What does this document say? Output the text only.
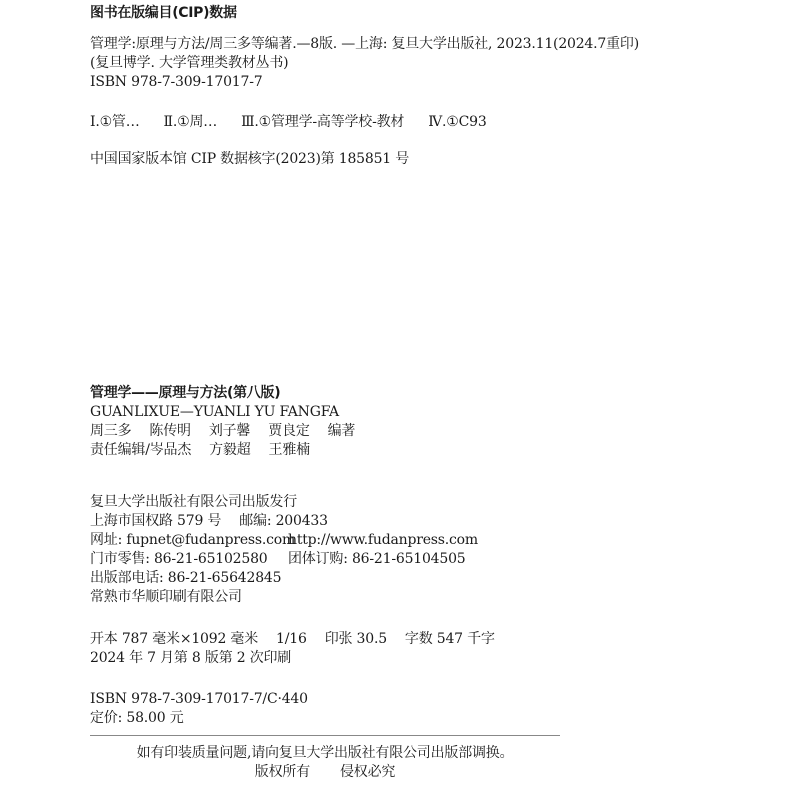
图书在版编目(CIP)数据
管理学:原理与方法/周三多等编著.—8版. —上海: 复旦大学出版社, 2023.11(2024.7重印)
(复旦博学. 大学管理类教材丛书)
ISBN 978-7-309-17017-7
Ⅰ.①管… Ⅱ.①周… Ⅲ.①管理学-高等学校-教材 Ⅳ.①C93
中国国家版本馆 CIP 数据核字(2023)第 185851 号
管理学——原理与方法(第八版)
GUANLIXUE—YUANLI YU FANGFA
周三多 陈传明 刘子馨 贾良定 编著
责任编辑/岑品杰 方毅超 王雅楠
复旦大学出版社有限公司出版发行
上海市国权路 579 号 邮编: 200433
网址: fupnet@fudanpress.comhttp://www.fudanpress.com
门市零售: 86-21-65102580 团体订购: 86-21-65104505
出版部电话: 86-21-65642845
常熟市华顺印刷有限公司
开本 787 毫米×1092 毫米 1/16 印张 30.5 字数 547 千字
2024 年 7 月第 8 版第 2 次印刷
ISBN 978-7-309-17017-7/C·440
定价: 58.00 元
如有印装质量问题,请向复旦大学出版社有限公司出版部调换。
版权所有 侵权必究
